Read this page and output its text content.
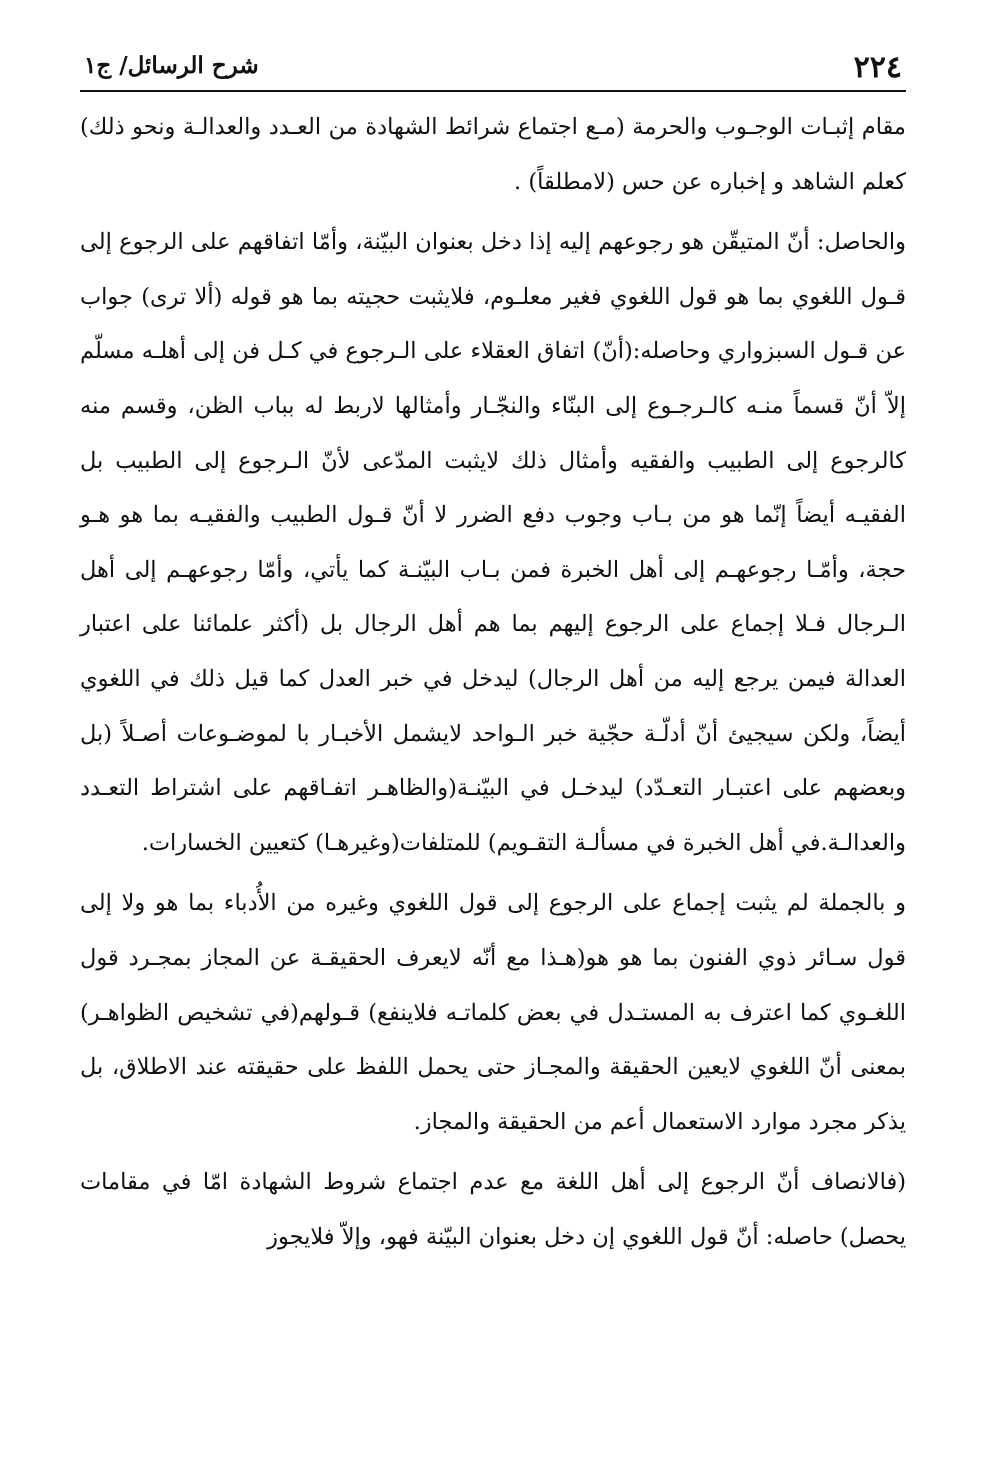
٢٢٤
شرح الرسائل/ ج١

مقام إثبـات الوجـوب والحرمة (مـع اجتماع شرائط الشهادة من العـدد والعدالـة ونحو ذلك) كعلم الشاهد و إخباره عن حس (لامطلقاً) .

والحاصل: أنّ المتيقّن هو رجوعهم إليه إذا دخل بعنوان البيّنة، وأمّا اتفاقهم على الرجوع إلى قـول اللغوي بما هو قول اللغوي فغير معلـوم، فلايثبت حجيته بما هو قوله (ألا ترى) جواب عن قـول السبزواري وحاصله:(أنّ) اتفاق العقلاء على الـرجوع في كـل فن إلى أهلـه مسلّم إلاّ أنّ قسماً منـه كالـرجـوع إلى البنّاء والنجّـار وأمثالها لاربط له بباب الظن، وقسم منه كالرجوع إلى الطبيب والفقيه وأمثال ذلك لايثبت المدّعى لأنّ الـرجوع إلى الطبيب بل الفقيـه أيضاً إنّما هو من بـاب وجوب دفع الضرر لا أنّ قـول الطبيب والفقيـه بما هو هـو حجة، وأمّـا رجوعهـم إلى أهل الخبرة فمن بـاب البيّنـة كما يأتي، وأمّا رجوعهـم إلى أهل الـرجال فـلا إجماع على الرجوع إليهم بما هم أهل الرجال بل (أكثر علمائنا على اعتبار العدالة فيمن يرجع إليه من أهل الرجال) ليدخل في خبر العدل كما قيل ذلك في اللغوي أيضاً، ولكن سيجيئ أنّ أدلّـة حجّية خبر الـواحد لايشمل الأخبـار با لموضـوعات أصـلاً (بل وبعضهم على اعتبـار التعـدّد) ليدخـل في البيّنـة(والظاهـر اتفـاقهم على اشتراط التعـدد والعدالـة.في أهل الخبرة في مسألـة التقـويم) للمتلفات(وغيرهـا) كتعيين الخسارات.

و بالجملة لم يثبت إجماع على الرجوع إلى قول اللغوي وغيره من الأُدباء بما هو ولا إلى قول سـائر ذوي الفنون بما هو هو(هـذا مع أنّه لايعرف الحقيقـة عن المجاز بمجـرد قول اللغـوي كما اعترف به المستـدل في بعض كلماتـه فلاينفع) قـولهم(في تشخيص الظواهـر) بمعنى أنّ اللغوي لايعين الحقيقة والمجـاز حتى يحمل اللفظ على حقيقته عند الاطلاق، بل يذكر مجرد موارد الاستعمال أعم من الحقيقة والمجاز.

(فالانصاف أنّ الرجوع إلى أهل اللغة مع عدم اجتماع شروط الشهادة امّا في مقامات يحصل) حاصله: أنّ قول اللغوي إن دخل بعنوان البيّنة فهو، وإلاّ فلايجوز
